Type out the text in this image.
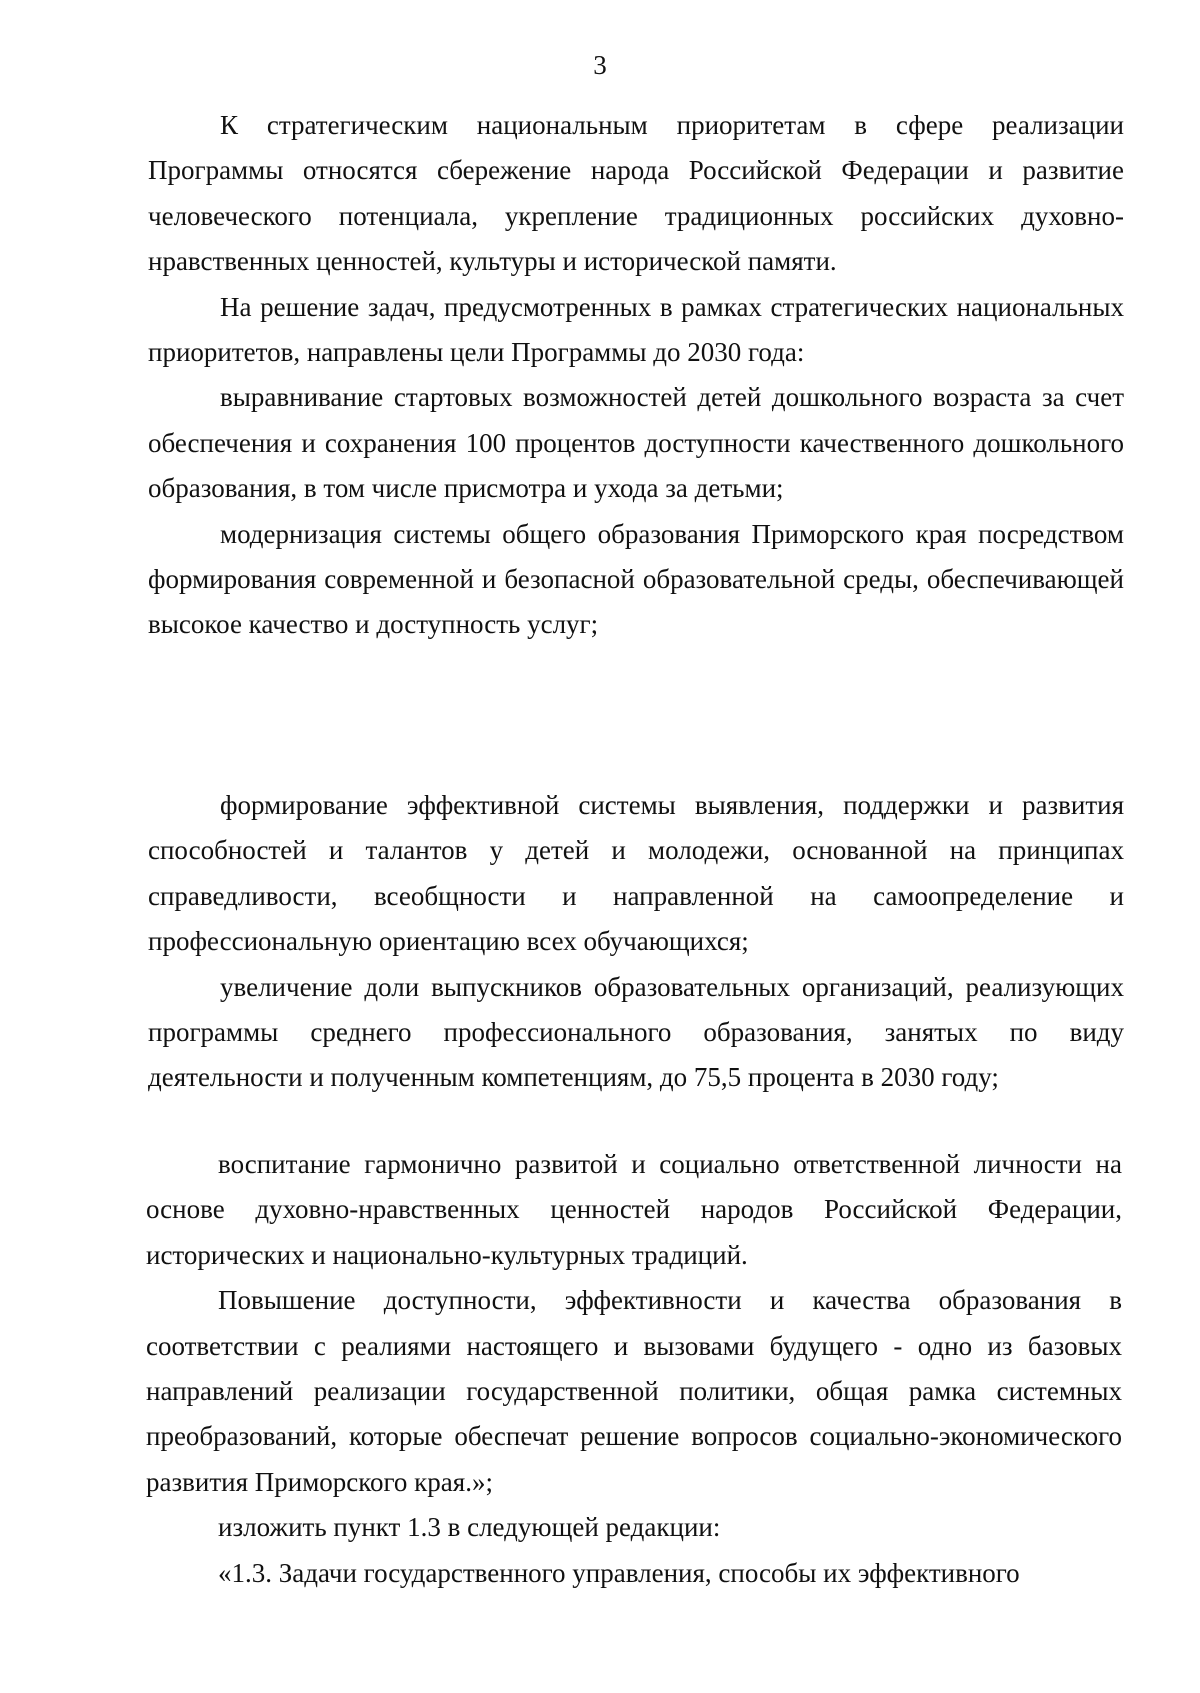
3

К стратегическим национальным приоритетам в сфере реализации Программы относятся сбережение народа Российской Федерации и развитие человеческого потенциала, укрепление традиционных российских духовно-нравственных ценностей, культуры и исторической памяти.

На решение задач, предусмотренных в рамках стратегических национальных приоритетов, направлены цели Программы до 2030 года:

выравнивание стартовых возможностей детей дошкольного возраста за счет обеспечения и сохранения 100 процентов доступности качественного дошкольного образования, в том числе присмотра и ухода за детьми;

модернизация системы общего образования Приморского края посредством формирования современной и безопасной образовательной среды, обеспечивающей высокое качество и доступность услуг;

формирование эффективной системы выявления, поддержки и развития способностей и талантов у детей и молодежи, основанной на принципах справедливости, всеобщности и направленной на самоопределение и профессиональную ориентацию всех обучающихся;

увеличение доли выпускников образовательных организаций, реализующих программы среднего профессионального образования, занятых по виду деятельности и полученным компетенциям, до 75,5 процента в 2030 году;

воспитание гармонично развитой и социально ответственной личности на основе духовно-нравственных ценностей народов Российской Федерации, исторических и национально-культурных традиций.

Повышение доступности, эффективности и качества образования в соответствии с реалиями настоящего и вызовами будущего - одно из базовых направлений реализации государственной политики, общая рамка системных преобразований, которые обеспечат решение вопросов социально-экономического развития Приморского края.»;

изложить пункт 1.3 в следующей редакции:

«1.3. Задачи государственного управления, способы их эффективного
